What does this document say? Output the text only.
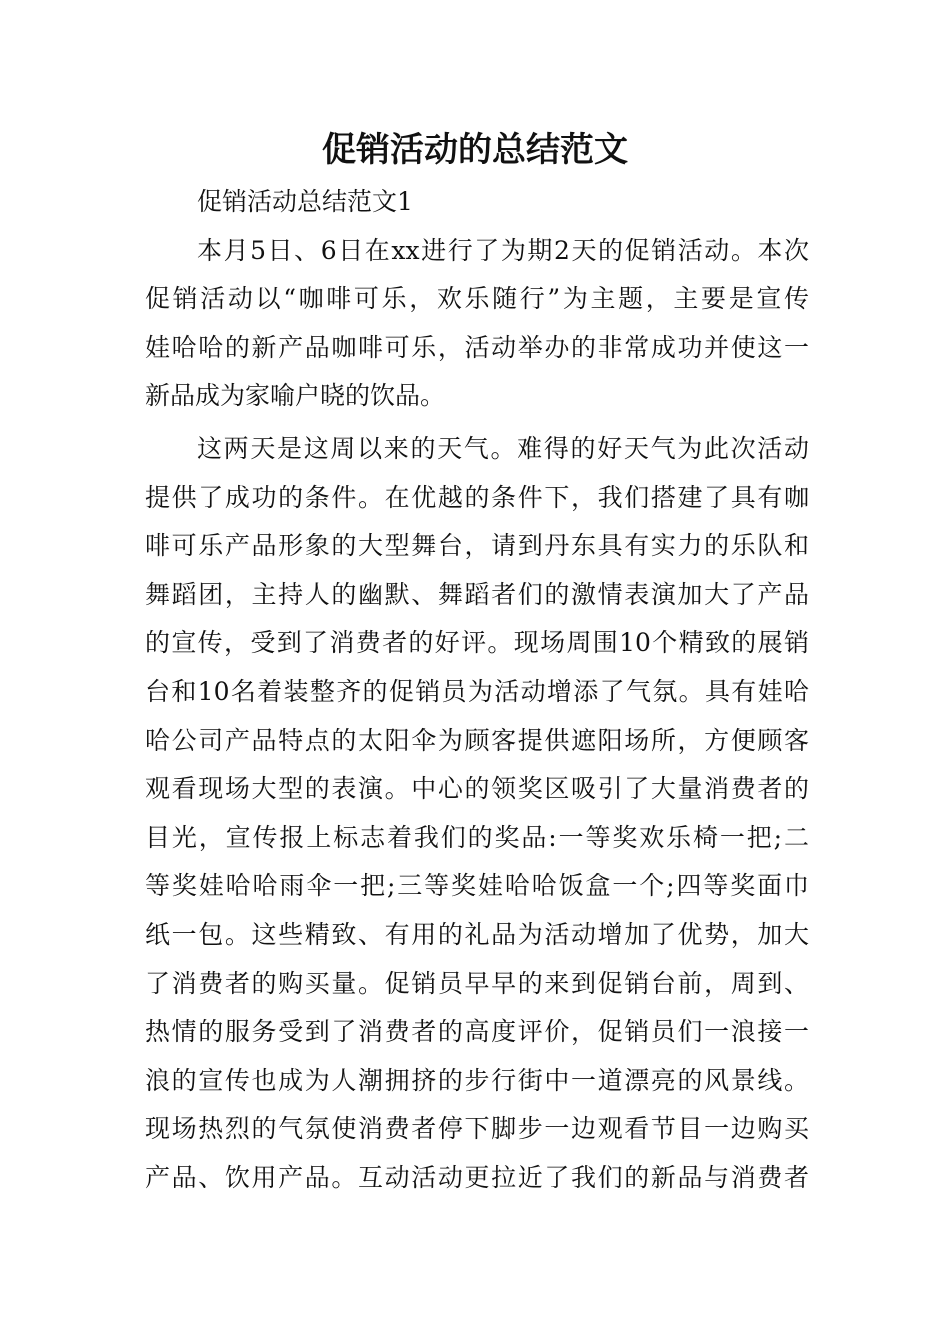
促销活动的总结范文
促销活动总结范文1
本月5日、6日在xx进行了为期2天的促销活动。本次
促销活动以“咖啡可乐，欢乐随行”为主题，主要是宣传
娃哈哈的新产品咖啡可乐，活动举办的非常成功并使这一
新品成为家喻户晓的饮品。
这两天是这周以来的天气。难得的好天气为此次活动
提供了成功的条件。在优越的条件下，我们搭建了具有咖
啡可乐产品形象的大型舞台，请到丹东具有实力的乐队和
舞蹈团，主持人的幽默、舞蹈者们的激情表演加大了产品
的宣传，受到了消费者的好评。现场周围10个精致的展销
台和10名着装整齐的促销员为活动增添了气氛。具有娃哈
哈公司产品特点的太阳伞为顾客提供遮阳场所，方便顾客
观看现场大型的表演。中心的领奖区吸引了大量消费者的
目光，宣传报上标志着我们的奖品:一等奖欢乐椅一把;二
等奖娃哈哈雨伞一把;三等奖娃哈哈饭盒一个;四等奖面巾
纸一包。这些精致、有用的礼品为活动增加了优势，加大
了消费者的购买量。促销员早早的来到促销台前，周到、
热情的服务受到了消费者的高度评价，促销员们一浪接一
浪的宣传也成为人潮拥挤的步行街中一道漂亮的风景线。
现场热烈的气氛使消费者停下脚步一边观看节目一边购买
产品、饮用产品。互动活动更拉近了我们的新品与消费者
